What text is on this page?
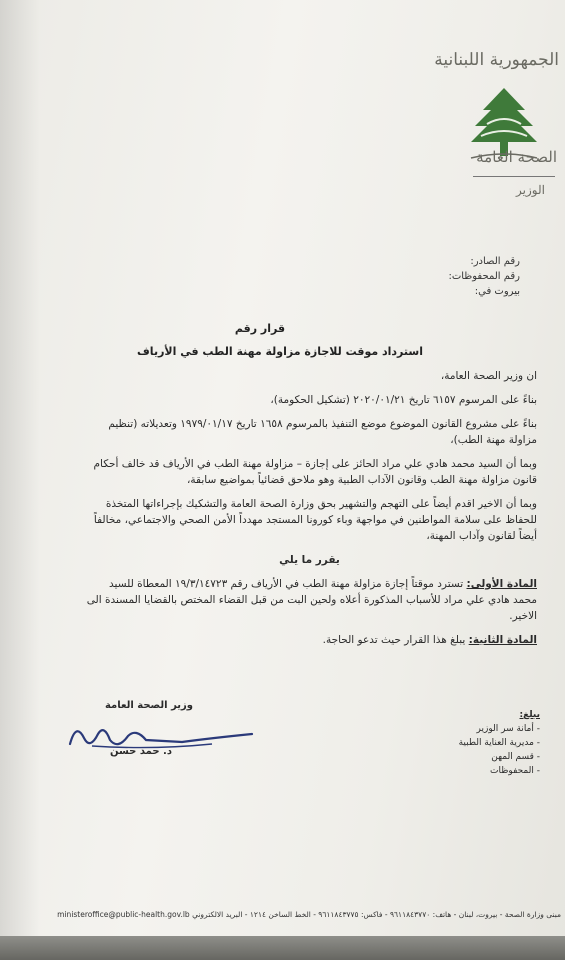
الجمهورية اللبنانية
الصحة العامة
الوزير
رقم الصادر:
رقم المحفوظات:
بيروت في:
قرار رقم
استرداد موقت للاجازة مزاولة مهنة الطب في الأرياف

ان وزير الصحة العامة،

بناءً على المرسوم ٦١٥٧ تاريخ ٢٠٢٠/٠١/٢١ (تشكيل الحكومة)،

بناءً على مشروع القانون الموضوع موضع التنفيذ بالمرسوم ١٦٥٨ تاريخ ١٩٧٩/٠١/١٧ وتعديلاته (تنظيم مزاولة مهنة الطب)،

وبما أن السيد محمد هادي علي مراد الحائز على إجازة – مزاولة مهنة الطب في الأرياف قد خالف أحكام قانون مزاولة مهنة الطب وقانون الآداب الطبية وهو ملاحق قضائياً بمواضيع سابقة،

وبما أن الاخير اقدم أيضاً على التهجم والتشهير بحق وزارة الصحة العامة والتشكيك بإجراءاتها المتخذة للحفاظ على سلامة المواطنين في مواجهة وباء كورونا المستجد مهدداً الأمن الصحي والاجتماعي، مخالفاً أيضاً لقانون وآداب المهنة،

يقرر ما يلي

المادة الأولى: تسترد موقتاً إجازة مزاولة مهنة الطب في الأرياف رقم ١٩/٣/١٤٧٢٣ المعطاة للسيد محمد هادي علي مراد للأسباب المذكورة أعلاه ولحين البت من قبل القضاء المختص بالقضايا المسندة الى الاخير.

المادة الثانية: يبلغ هذا القرار حيث تدعو الحاجة.

وزير الصحة العامة
د. حمد حسن
يبلغ:
- أمانة سر الوزير
- مديرية العناية الطبية
- قسم المهن
- المحفوظات
مبنى وزارة الصحة - بيروت، لبنان - هاتف: ٩٦١١٨٤٣٧٧٠ - فاكس: ٩٦١١٨٤٣٧٧٥ - الخط الساخن ١٢١٤ - البريد الالكتروني ministeroffice@public-health.gov.lb
